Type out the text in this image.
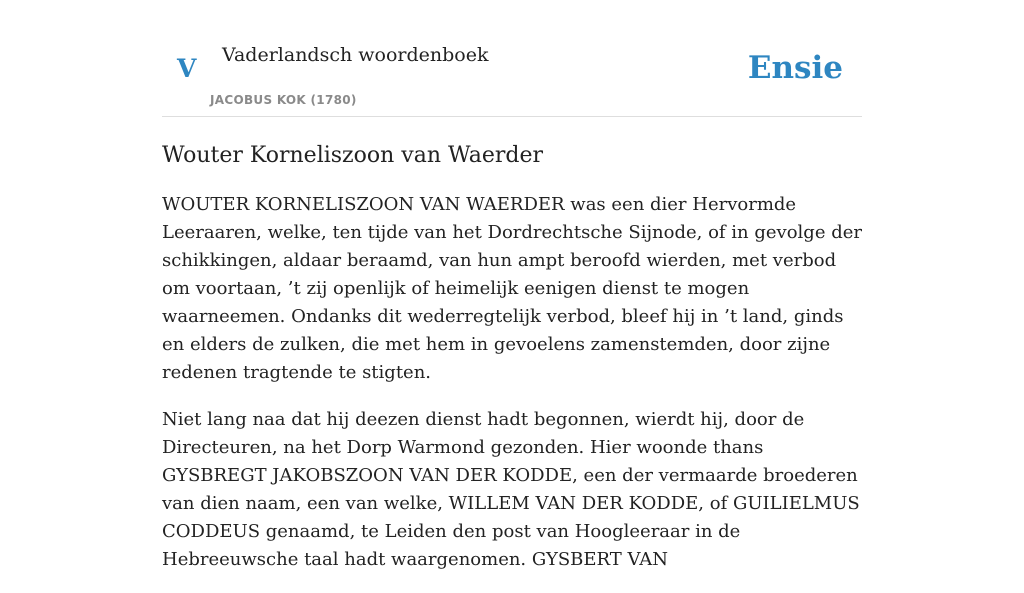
V Vaderlandsch woordenboek
JACOBUS KOK (1780)
Ensie
Wouter Korneliszoon van Waerder

WOUTER KORNELISZOON VAN WAERDER was een dier Hervormde Leeraaren, welke, ten tijde van het Dordrechtsche Sijnode, of in gevolge der schikkingen, aldaar beraamd, van hun ampt beroofd wierden, met verbod om voortaan, ’t zij openlijk of heimelijk eenigen dienst te mogen waarneemen. Ondanks dit wederregtelijk verbod, bleef hij in ’t land, ginds en elders de zulken, die met hem in gevoelens zamenstemden, door zijne redenen tragtende te stigten.

Niet lang naa dat hij deezen dienst hadt begonnen, wierdt hij, door de Directeuren, na het Dorp Warmond gezonden. Hier woonde thans GYSBREGT JAKOBSZOON VAN DER KODDE, een der vermaarde broederen van dien naam, een van welke, WILLEM VAN DER KODDE, of GUILIELMUS CODDEUS genaamd, te Leiden den post van Hoogleeraar in de Hebreeuwsche taal hadt waargenomen. GYSBERT VAN
